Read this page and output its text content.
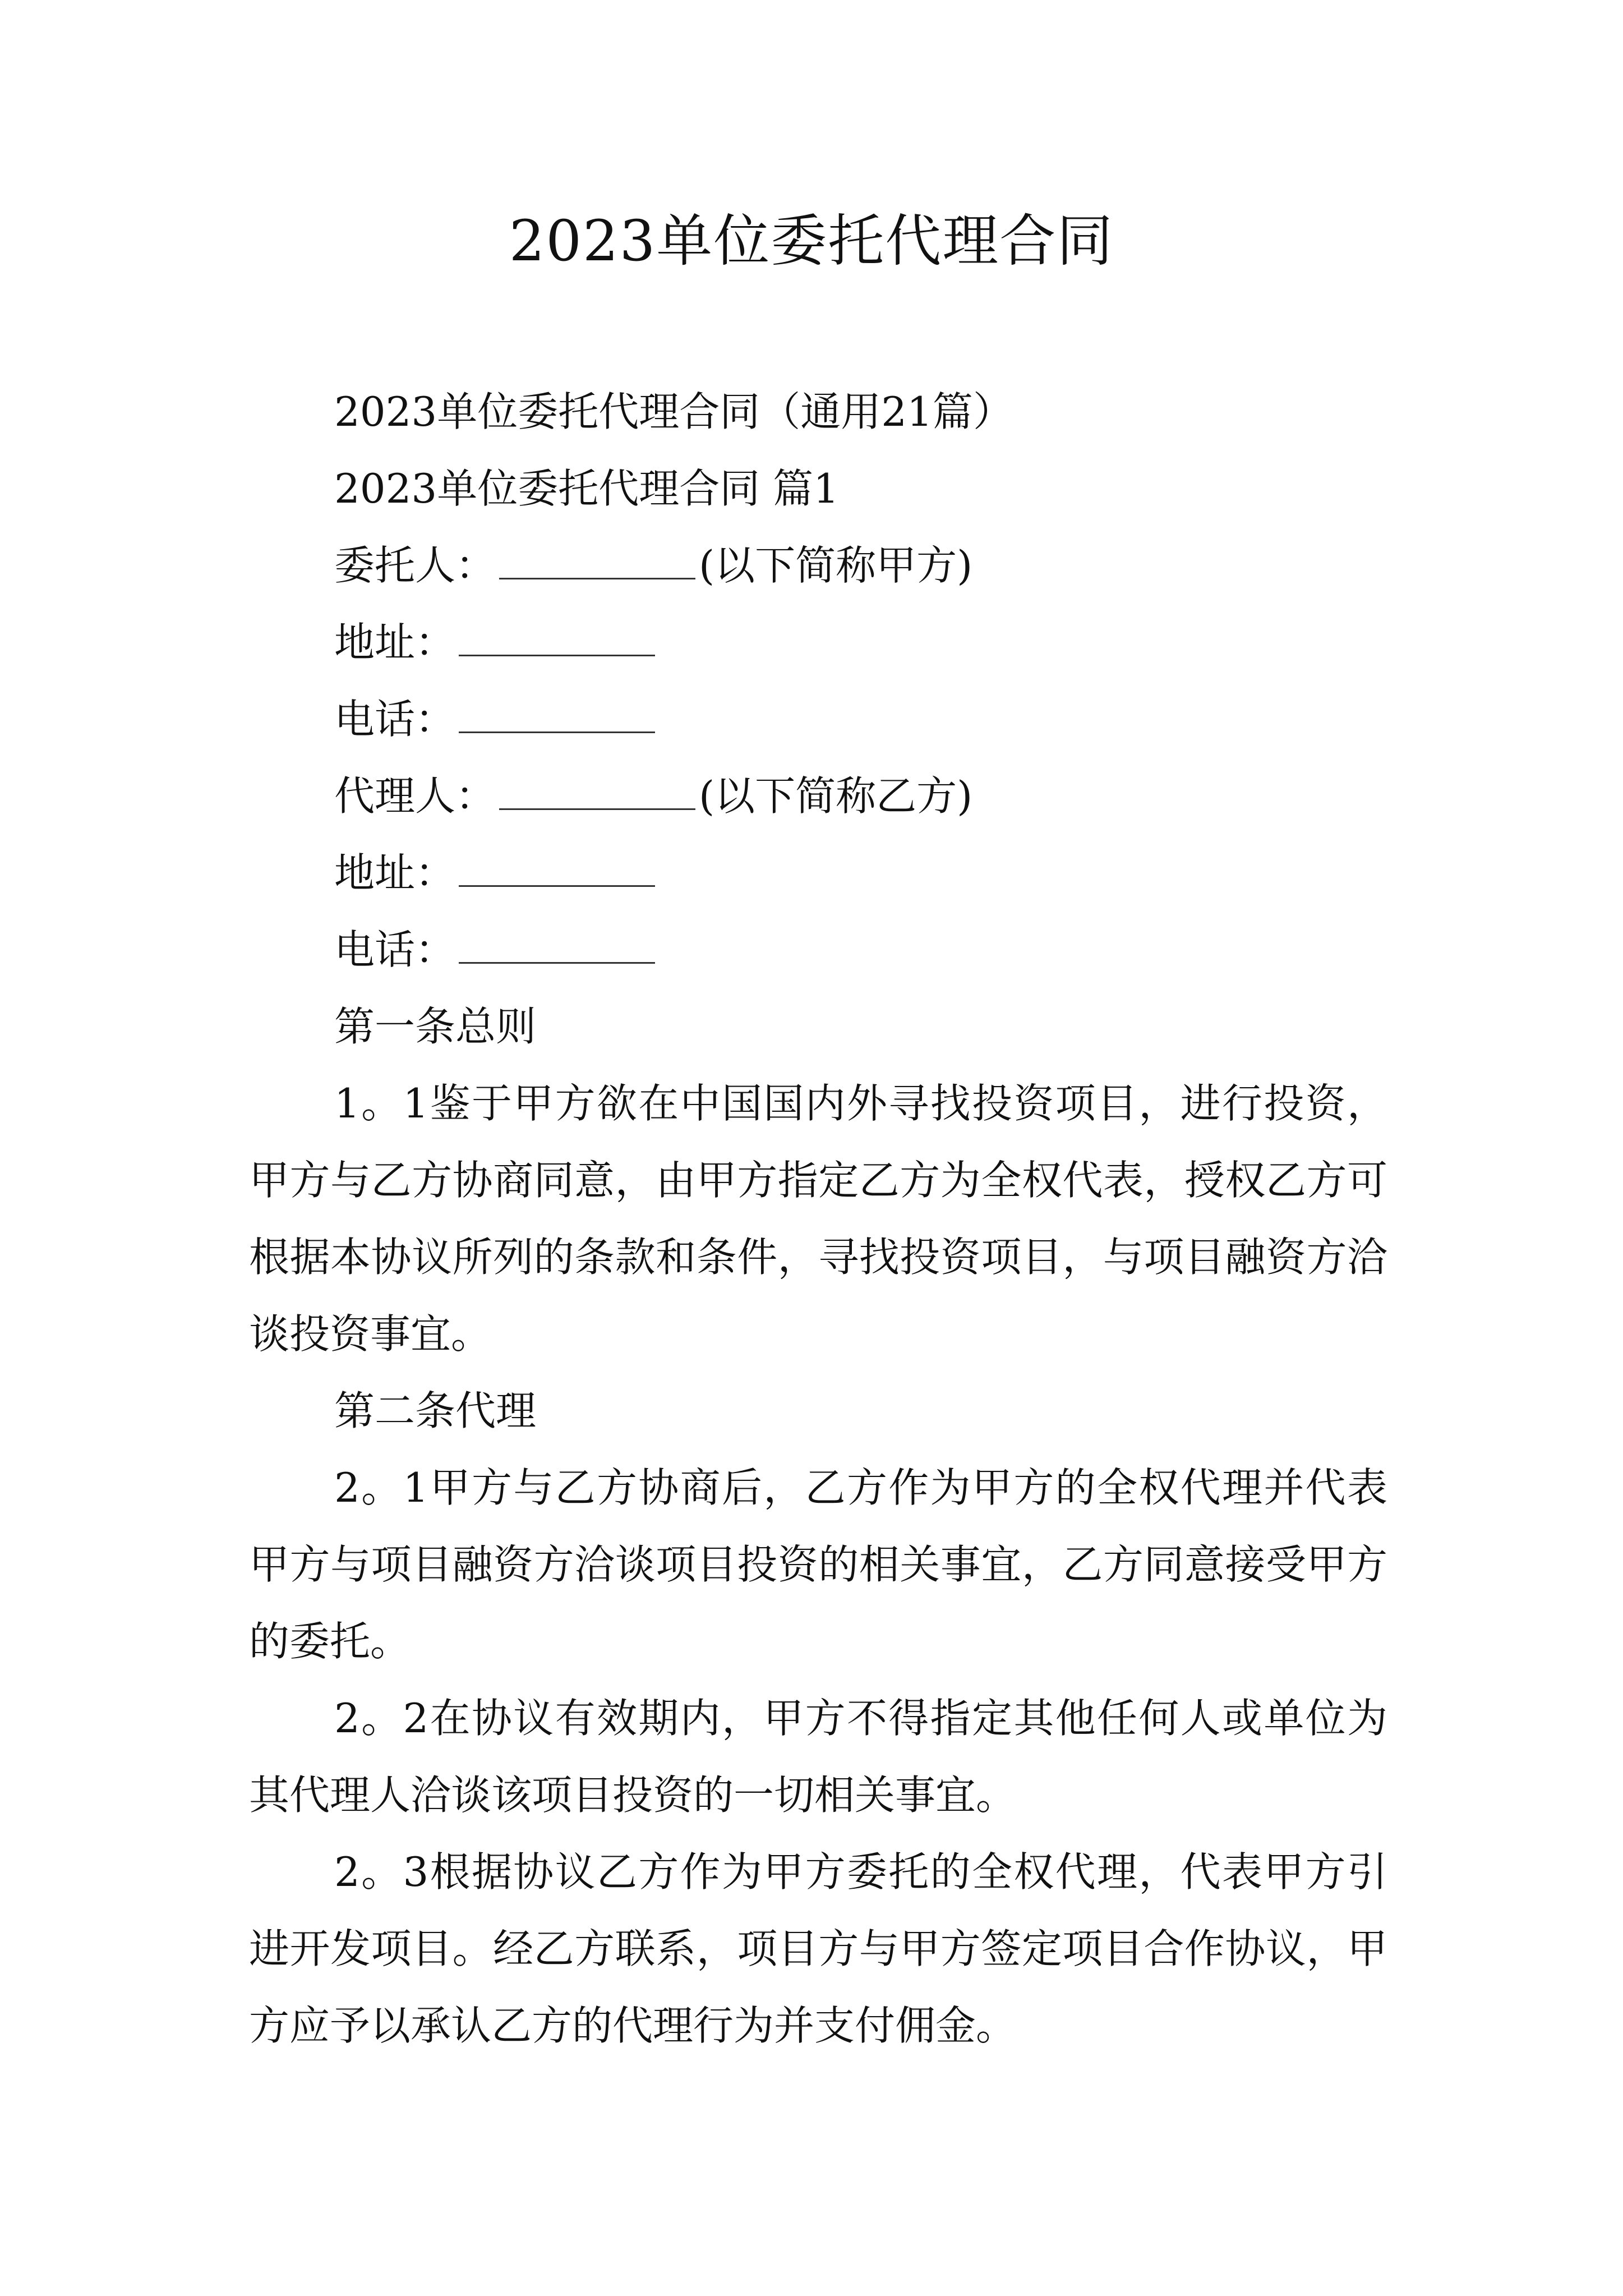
2023单位委托代理合同

2023单位委托代理合同（通用21篇）

2023单位委托代理合同 篇1

委托人：	(以下简称甲方)

地址：

电话：

代理人：	(以下简称乙方)

地址：

电话：

第一条总则

1。1鉴于甲方欲在中国国内外寻找投资项目，进行投资，甲方与乙方协商同意，由甲方指定乙方为全权代表，授权乙方可根据本协议所列的条款和条件，寻找投资项目，与项目融资方洽谈投资事宜。

第二条代理

2。1甲方与乙方协商后，乙方作为甲方的全权代理并代表甲方与项目融资方洽谈项目投资的相关事宜，乙方同意接受甲方的委托。

2。2在协议有效期内，甲方不得指定其他任何人或单位为其代理人洽谈该项目投资的一切相关事宜。

2。3根据协议乙方作为甲方委托的全权代理，代表甲方引进开发项目。经乙方联系，项目方与甲方签定项目合作协议，甲方应予以承认乙方的代理行为并支付佣金。
